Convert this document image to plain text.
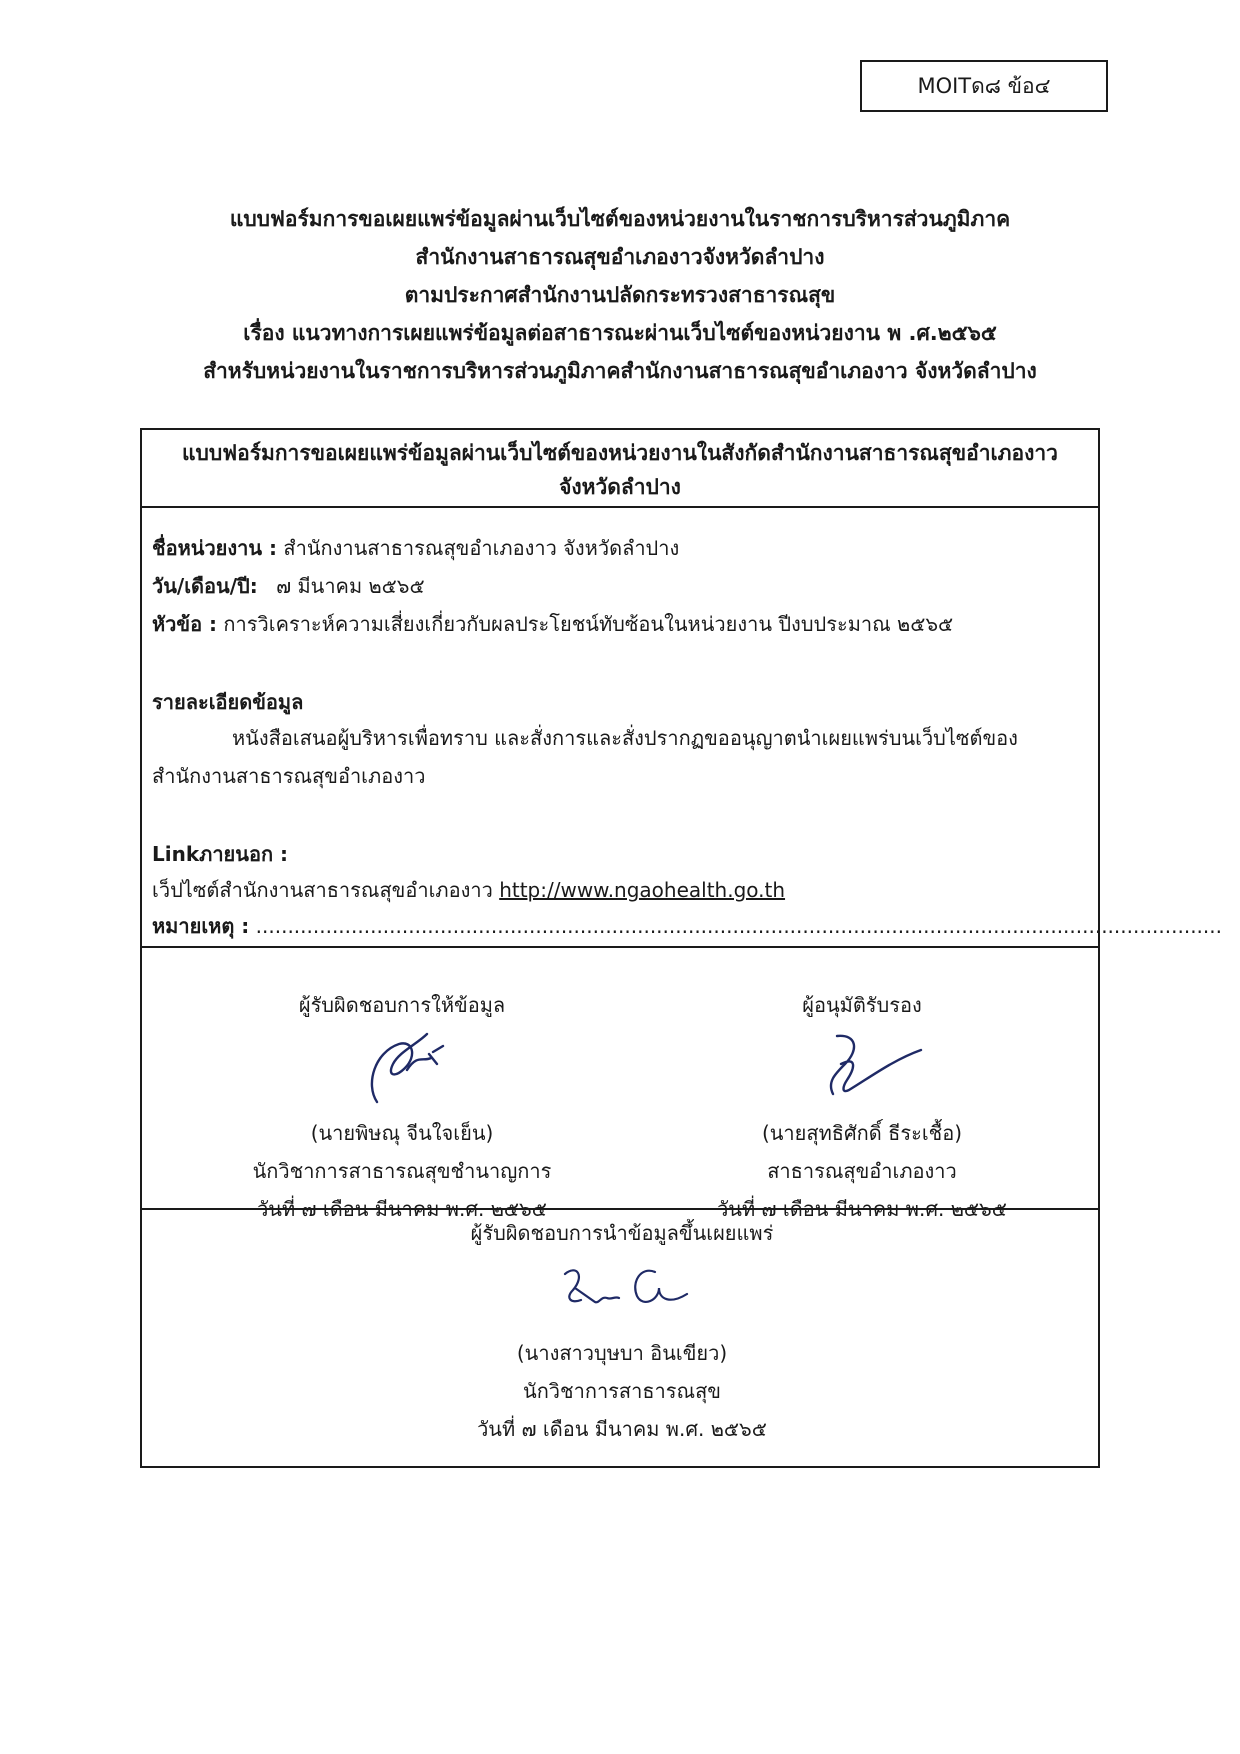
MOITด๘ ข้อ๔
แบบฟอร์มการขอเผยแพร่ข้อมูลผ่านเว็บไซต์ของหน่วยงานในราชการบริหารส่วนภูมิภาค
สำนักงานสาธารณสุขอำเภองาวจังหวัดลำปาง
ตามประกาศสำนักงานปลัดกระทรวงสาธารณสุข
เรื่อง แนวทางการเผยแพร่ข้อมูลต่อสาธารณะผ่านเว็บไซต์ของหน่วยงาน พ .ศ.๒๕๖๕
สำหรับหน่วยงานในราชการบริหารส่วนภูมิภาคสำนักงานสาธารณสุขอำเภองาว จังหวัดลำปาง
แบบฟอร์มการขอเผยแพร่ข้อมูลผ่านเว็บไซต์ของหน่วยงานในสังกัดสำนักงานสาธารณสุขอำเภองาว
จังหวัดลำปาง
ชื่อหน่วยงาน : สำนักงานสาธารณสุขอำเภองาว จังหวัดลำปาง
วัน/เดือน/ปี: ๗ มีนาคม ๒๕๖๕
หัวข้อ : การวิเคราะห์ความเสี่ยงเกี่ยวกับผลประโยชน์ทับซ้อนในหน่วยงาน ปีงบประมาณ ๒๕๖๕
รายละเอียดข้อมูล
หนังสือเสนอผู้บริหารเพื่อทราบ และสั่งการและสั่งปรากฏขออนุญาตนำเผยแพร่บนเว็บไซต์ของ
สำนักงานสาธารณสุขอำเภองาว
Linkภายนอก :
เว็ปไซต์สำนักงานสาธารณสุขอำเภองาว http://www.ngaohealth.go.th
หมายเหตุ : ........................................................................................................................................................
ผู้รับผิดชอบการให้ข้อมูล
(นายพิษณุ จีนใจเย็น)
นักวิชาการสาธารณสุขชำนาญการ
วันที่ ๗ เดือน มีนาคม พ.ศ. ๒๕๖๕
ผู้อนุมัติรับรอง
(นายสุทธิศักดิ์ ธีระเชื้อ)
สาธารณสุขอำเภองาว
วันที่ ๗ เดือน มีนาคม พ.ศ. ๒๕๖๕
ผู้รับผิดชอบการนำข้อมูลขึ้นเผยแพร่
(นางสาวบุษบา อินเขียว)
นักวิชาการสาธารณสุข
วันที่ ๗ เดือน มีนาคม พ.ศ. ๒๕๖๕
